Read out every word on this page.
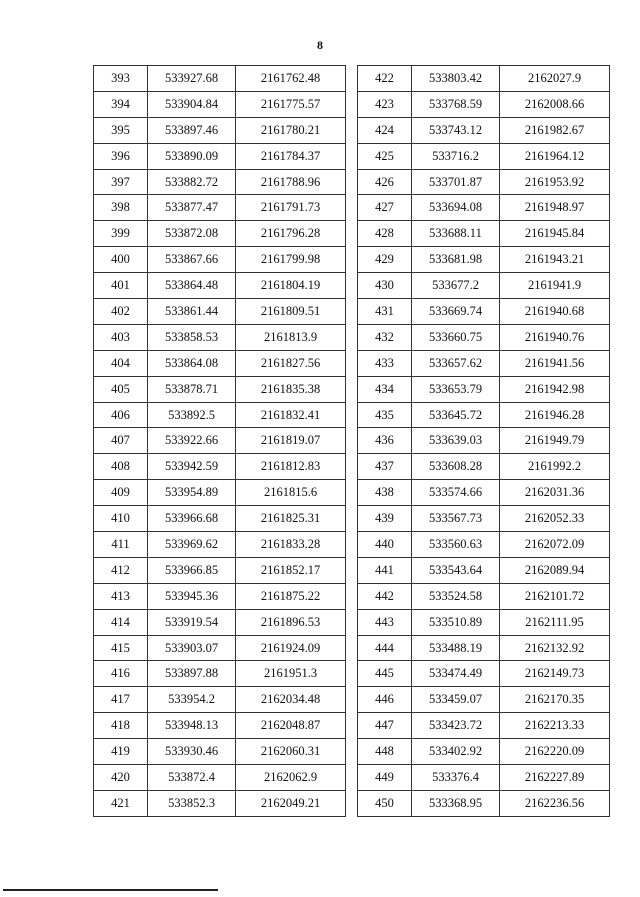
8
393	533927.68	2161762.48
394	533904.84	2161775.57
395	533897.46	2161780.21
396	533890.09	2161784.37
397	533882.72	2161788.96
398	533877.47	2161791.73
399	533872.08	2161796.28
400	533867.66	2161799.98
401	533864.48	2161804.19
402	533861.44	2161809.51
403	533858.53	2161813.9
404	533864.08	2161827.56
405	533878.71	2161835.38
406	533892.5	2161832.41
407	533922.66	2161819.07
408	533942.59	2161812.83
409	533954.89	2161815.6
410	533966.68	2161825.31
411	533969.62	2161833.28
412	533966.85	2161852.17
413	533945.36	2161875.22
414	533919.54	2161896.53
415	533903.07	2161924.09
416	533897.88	2161951.3
417	533954.2	2162034.48
418	533948.13	2162048.87
419	533930.46	2162060.31
420	533872.4	2162062.9
421	533852.3	2162049.21
422	533803.42	2162027.9
423	533768.59	2162008.66
424	533743.12	2161982.67
425	533716.2	2161964.12
426	533701.87	2161953.92
427	533694.08	2161948.97
428	533688.11	2161945.84
429	533681.98	2161943.21
430	533677.2	2161941.9
431	533669.74	2161940.68
432	533660.75	2161940.76
433	533657.62	2161941.56
434	533653.79	2161942.98
435	533645.72	2161946.28
436	533639.03	2161949.79
437	533608.28	2161992.2
438	533574.66	2162031.36
439	533567.73	2162052.33
440	533560.63	2162072.09
441	533543.64	2162089.94
442	533524.58	2162101.72
443	533510.89	2162111.95
444	533488.19	2162132.92
445	533474.49	2162149.73
446	533459.07	2162170.35
447	533423.72	2162213.33
448	533402.92	2162220.09
449	533376.4	2162227.89
450	533368.95	2162236.56
